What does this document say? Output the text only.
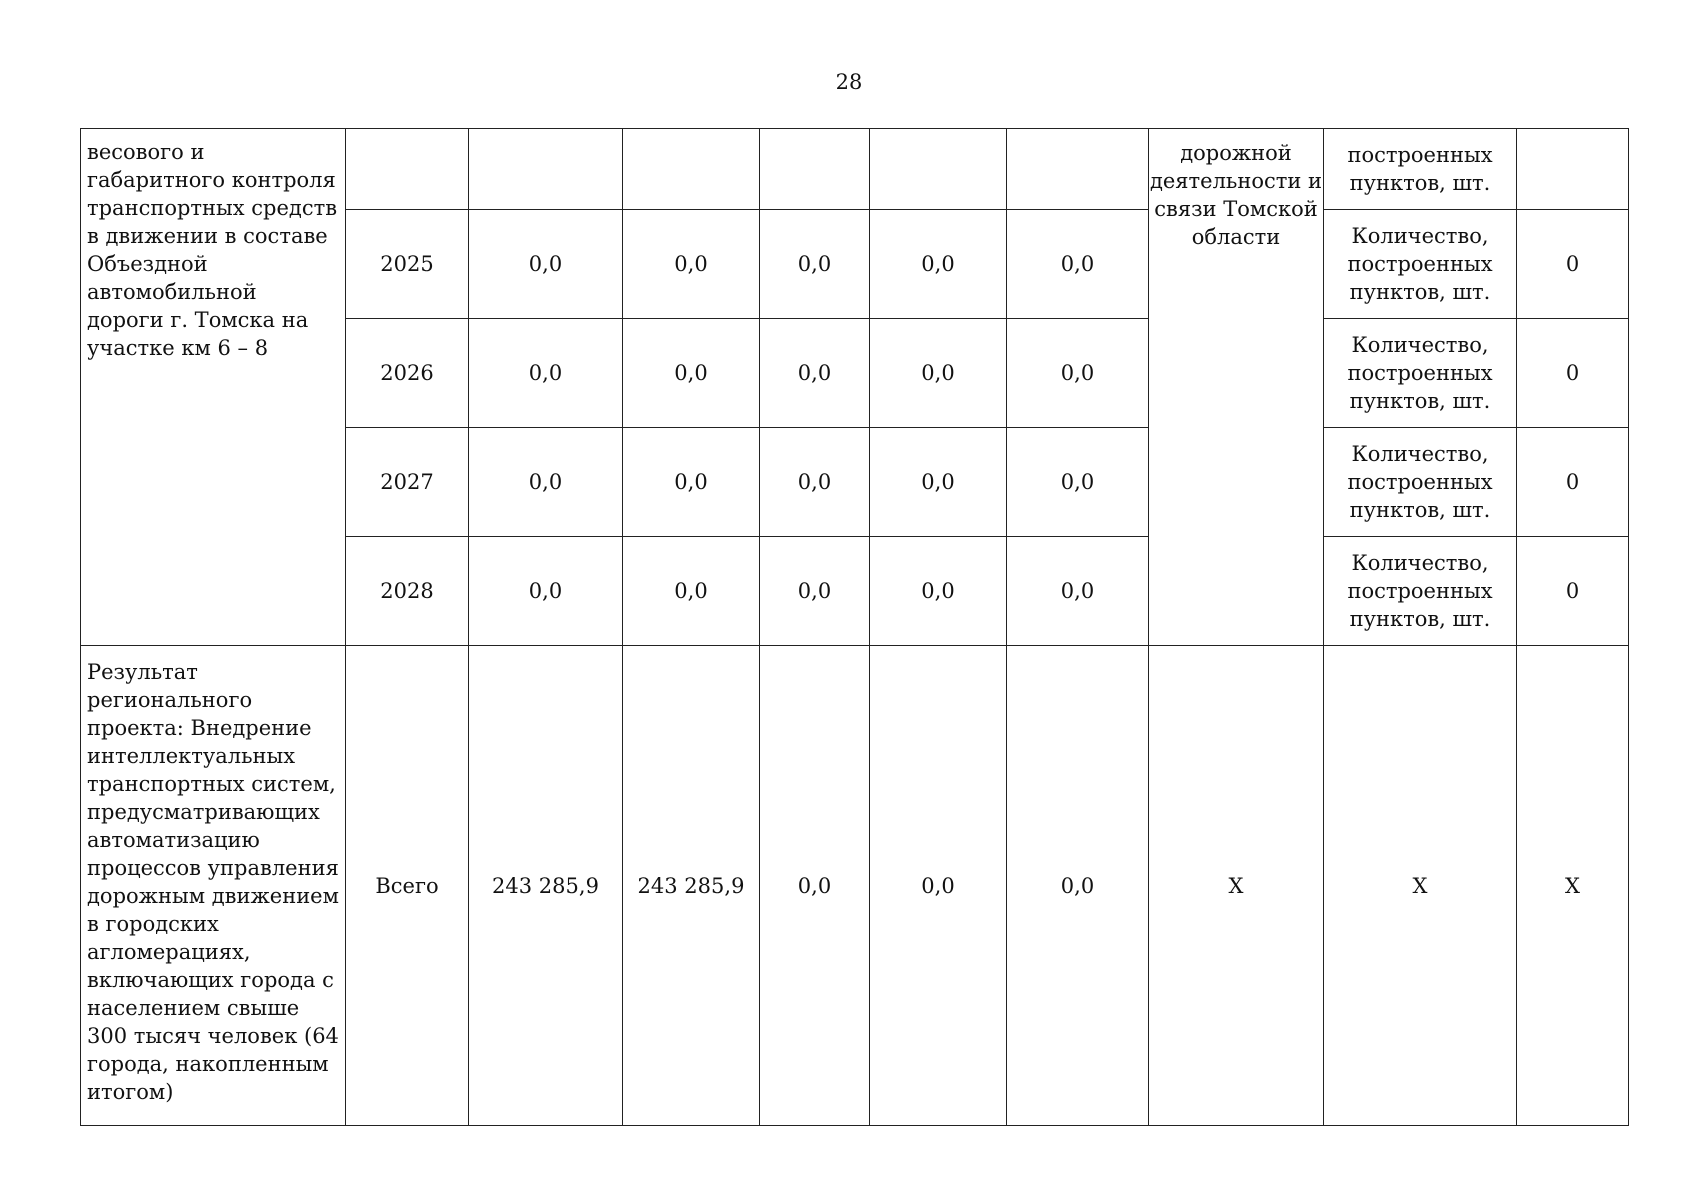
28
весового и габаритного контроля транспортных средств в движении в составе Объездной автомобильной дороги г. Томска на участке км 6 – 8							дорожной деятельности и связи Томской области	построенных пунктов, шт.	
	2025	0,0	0,0	0,0	0,0	0,0		Количество, построенных пунктов, шт.	0
	2026	0,0	0,0	0,0	0,0	0,0		Количество, построенных пунктов, шт.	0
	2027	0,0	0,0	0,0	0,0	0,0		Количество, построенных пунктов, шт.	0
	2028	0,0	0,0	0,0	0,0	0,0		Количество, построенных пунктов, шт.	0
Результат регионального проекта: Внедрение интеллектуальных транспортных систем, предусматривающих автоматизацию процессов управления дорожным движением в городских агломерациях, включающих города с населением свыше 300 тысяч человек (64 города, накопленным итогом)	Всего	243 285,9	243 285,9	0,0	0,0	0,0	Х	Х	Х
